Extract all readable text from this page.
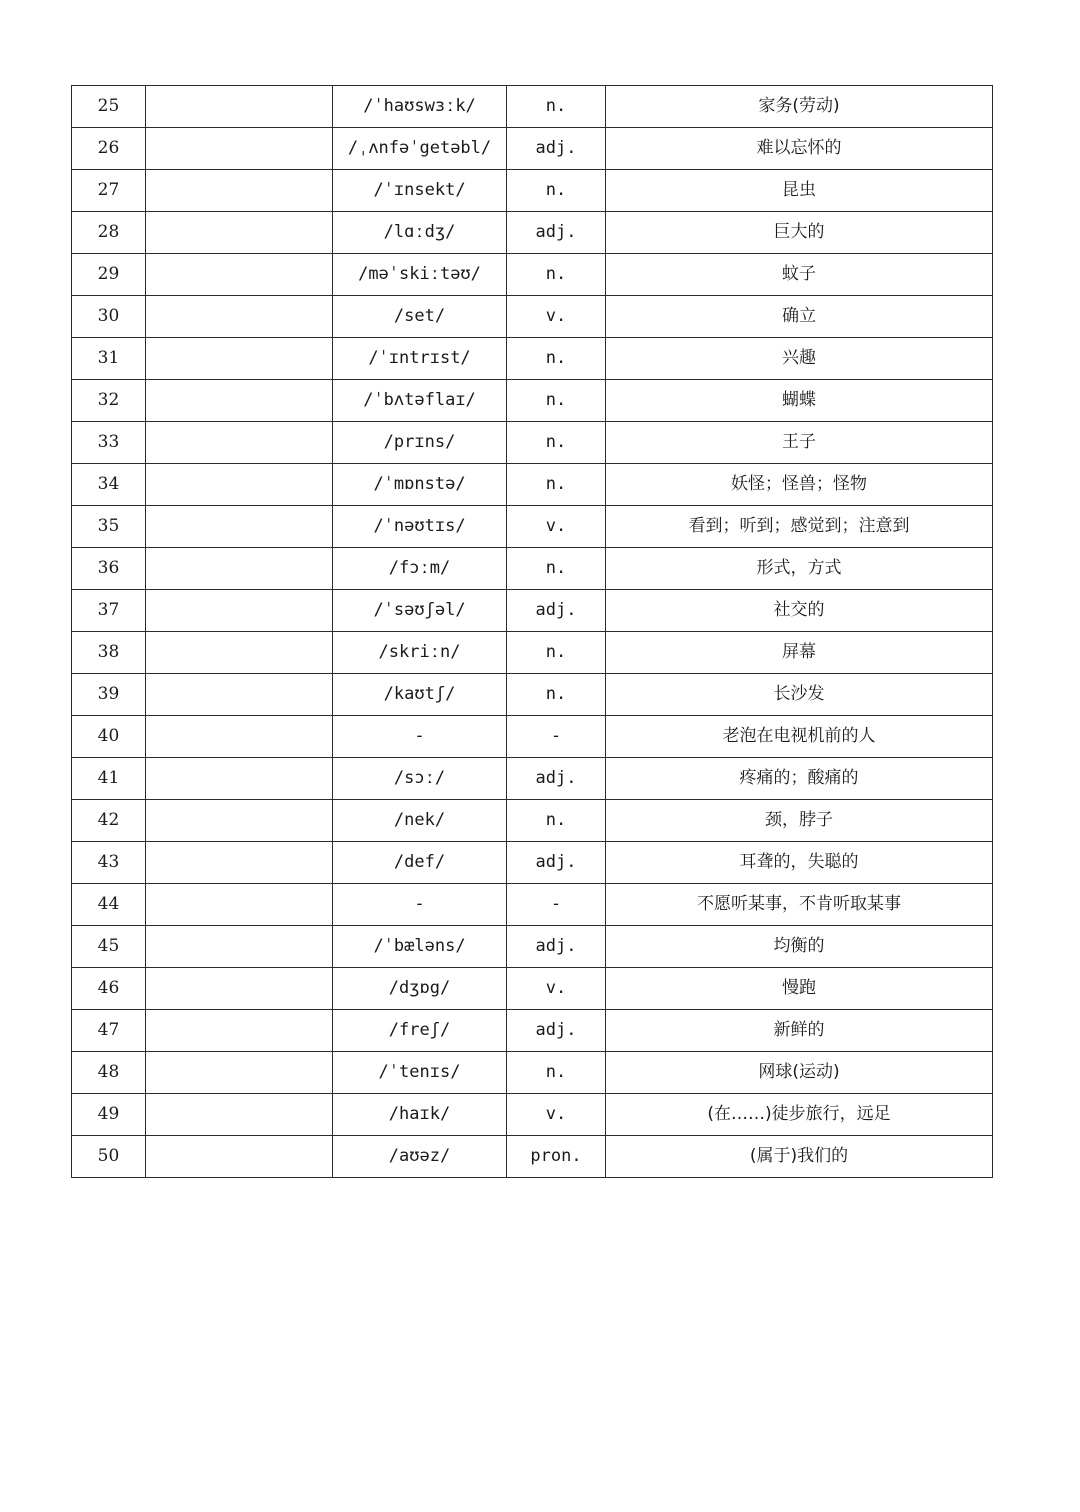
25		/ˈhaʊswɜːk/	n.	家务(劳动)
26		/ˌʌnfəˈgetəbl/	adj.	难以忘怀的
27		/ˈɪnsekt/	n.	昆虫
28		/lɑːdʒ/	adj.	巨大的
29		/məˈskiːtəʊ/	n.	蚊子
30		/set/	v.	确立
31		/ˈɪntrɪst/	n.	兴趣
32		/ˈbʌtəflaɪ/	n.	蝴蝶
33		/prɪns/	n.	王子
34		/ˈmɒnstə/	n.	妖怪；怪兽；怪物
35		/ˈnəʊtɪs/	v.	看到；听到；感觉到；注意到
36		/fɔːm/	n.	形式，方式
37		/ˈsəʊʃəl/	adj.	社交的
38		/skriːn/	n.	屏幕
39		/kaʊtʃ/	n.	长沙发
40		-	-	老泡在电视机前的人
41		/sɔː/	adj.	疼痛的；酸痛的
42		/nek/	n.	颈，脖子
43		/def/	adj.	耳聋的，失聪的
44		-	-	不愿听某事，不肯听取某事
45		/ˈbæləns/	adj.	均衡的
46		/dʒɒg/	v.	慢跑
47		/freʃ/	adj.	新鲜的
48		/ˈtenɪs/	n.	网球(运动)
49		/haɪk/	v.	(在……)徒步旅行，远足
50		/aʊəz/	pron.	(属于)我们的
